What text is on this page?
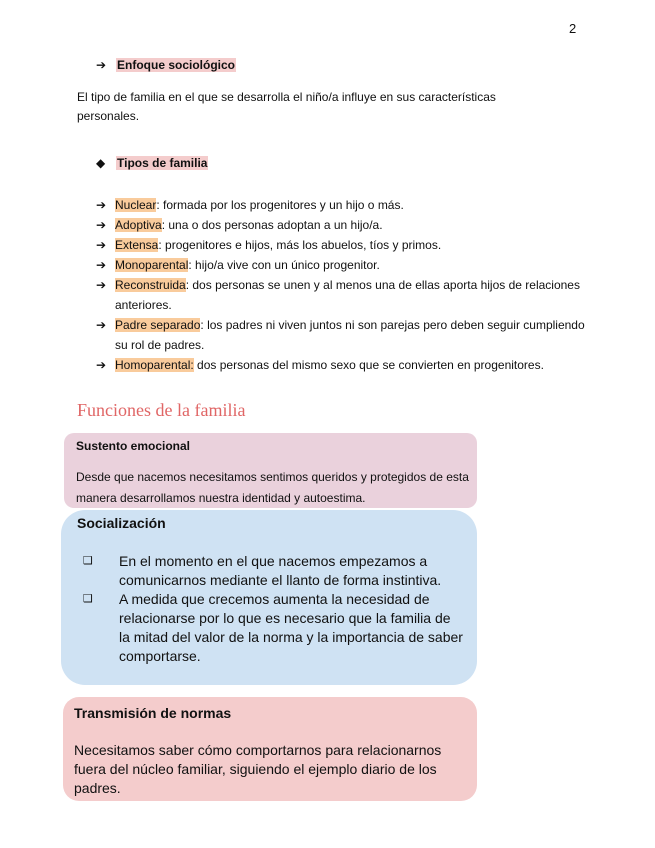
2
➔ Enfoque sociológico

El tipo de familia en el que se desarrolla el niño/a influye en sus características personales.

◆ Tipos de familia
➔ Nuclear: formada por los progenitores y un hijo o más.
➔ Adoptiva: una o dos personas adoptan a un hijo/a.
➔ Extensa: progenitores e hijos, más los abuelos, tíos y primos.
➔ Monoparental: hijo/a vive con un único progenitor.
➔ Reconstruida: dos personas se unen y al menos una de ellas aporta hijos de relaciones anteriores.
➔ Padre separado: los padres ni viven juntos ni son parejas pero deben seguir cumpliendo su rol de padres.
➔ Homoparental: dos personas del mismo sexo que se convierten en progenitores.
Funciones de la familia
Sustento emocional
Desde que nacemos necesitamos sentimos queridos y protegidos de esta manera desarrollamos nuestra identidad y autoestima.
Socialización
❑	En el momento en el que nacemos empezamos a comunicarnos mediante el llanto de forma instintiva.
❑	A medida que crecemos aumenta la necesidad de relacionarse por lo que es necesario que la familia de la mitad del valor de la norma y la importancia de saber comportarse.
Transmisión de normas
Necesitamos saber cómo comportarnos para relacionarnos fuera del núcleo familiar, siguiendo el ejemplo diario de los padres.
